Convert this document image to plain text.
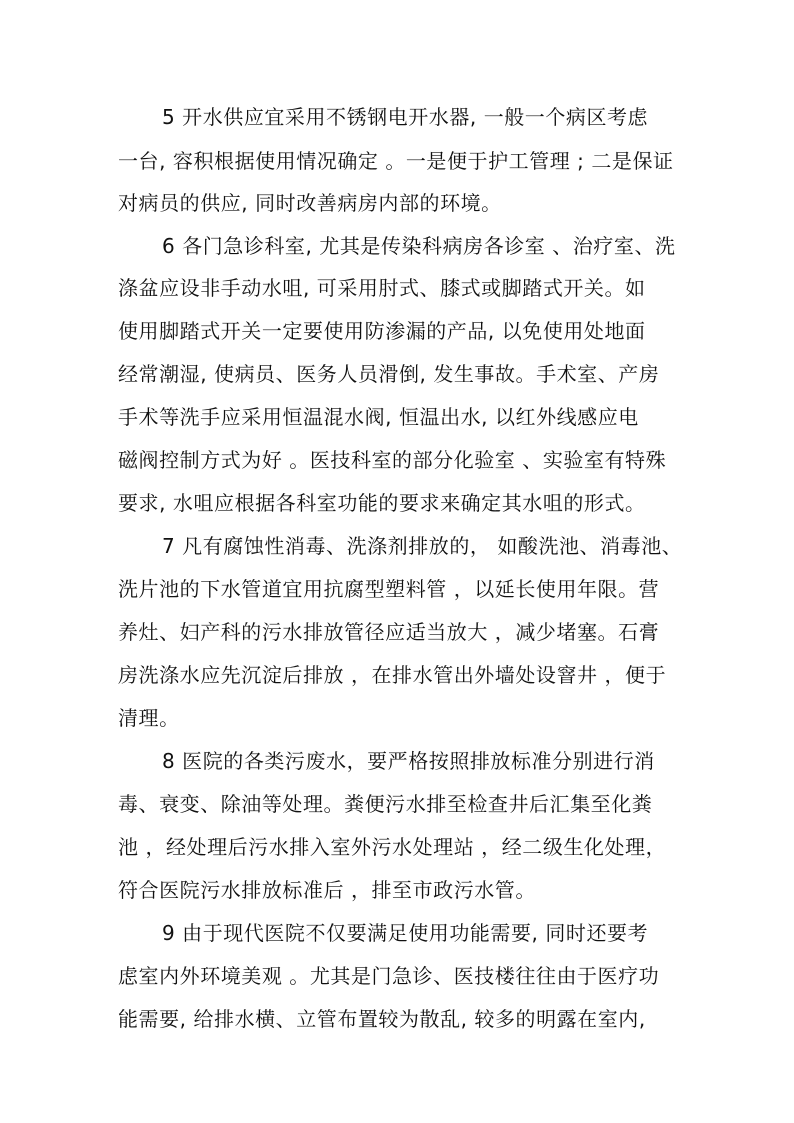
5 开水供应宜采用不锈钢电开水器, 一般一个病区考虑
一台, 容积根据使用情况确定 。一是便于护工管理 ; 二是保证
对病员的供应, 同时改善病房内部的环境。
6 各门急诊科室, 尤其是传染科病房各诊室 、治疗室、洗
涤盆应设非手动水咀, 可采用肘式、膝式或脚踏式开关。如
使用脚踏式开关一定要使用防渗漏的产品, 以免使用处地面
经常潮湿, 使病员、医务人员滑倒, 发生事故。手术室、产房
手术等洗手应采用恒温混水阀, 恒温出水, 以红外线感应电
磁阀控制方式为好 。医技科室的部分化验室 、实验室有特殊
要求, 水咀应根据各科室功能的要求来确定其水咀的形式。
7 凡有腐蚀性消毒、洗涤剂排放的， 如酸洗池、消毒池、
洗片池的下水管道宜用抗腐型塑料管 ，以延长使用年限。营
养灶、妇产科的污水排放管径应适当放大 ，减少堵塞。石膏
房洗涤水应先沉淀后排放 ，在排水管出外墙处设窨井 ，便于
清理。
8 医院的各类污废水，要严格按照排放标准分别进行消
毒、衰变、除油等处理。粪便污水排至检查井后汇集至化粪
池 ，经处理后污水排入室外污水处理站 ，经二级生化处理，
符合医院污水排放标准后 ，排至市政污水管。
9 由于现代医院不仅要满足使用功能需要, 同时还要考
虑室内外环境美观 。尤其是门急诊、医技楼往往由于医疗功
能需要, 给排水横、立管布置较为散乱, 较多的明露在室内,
